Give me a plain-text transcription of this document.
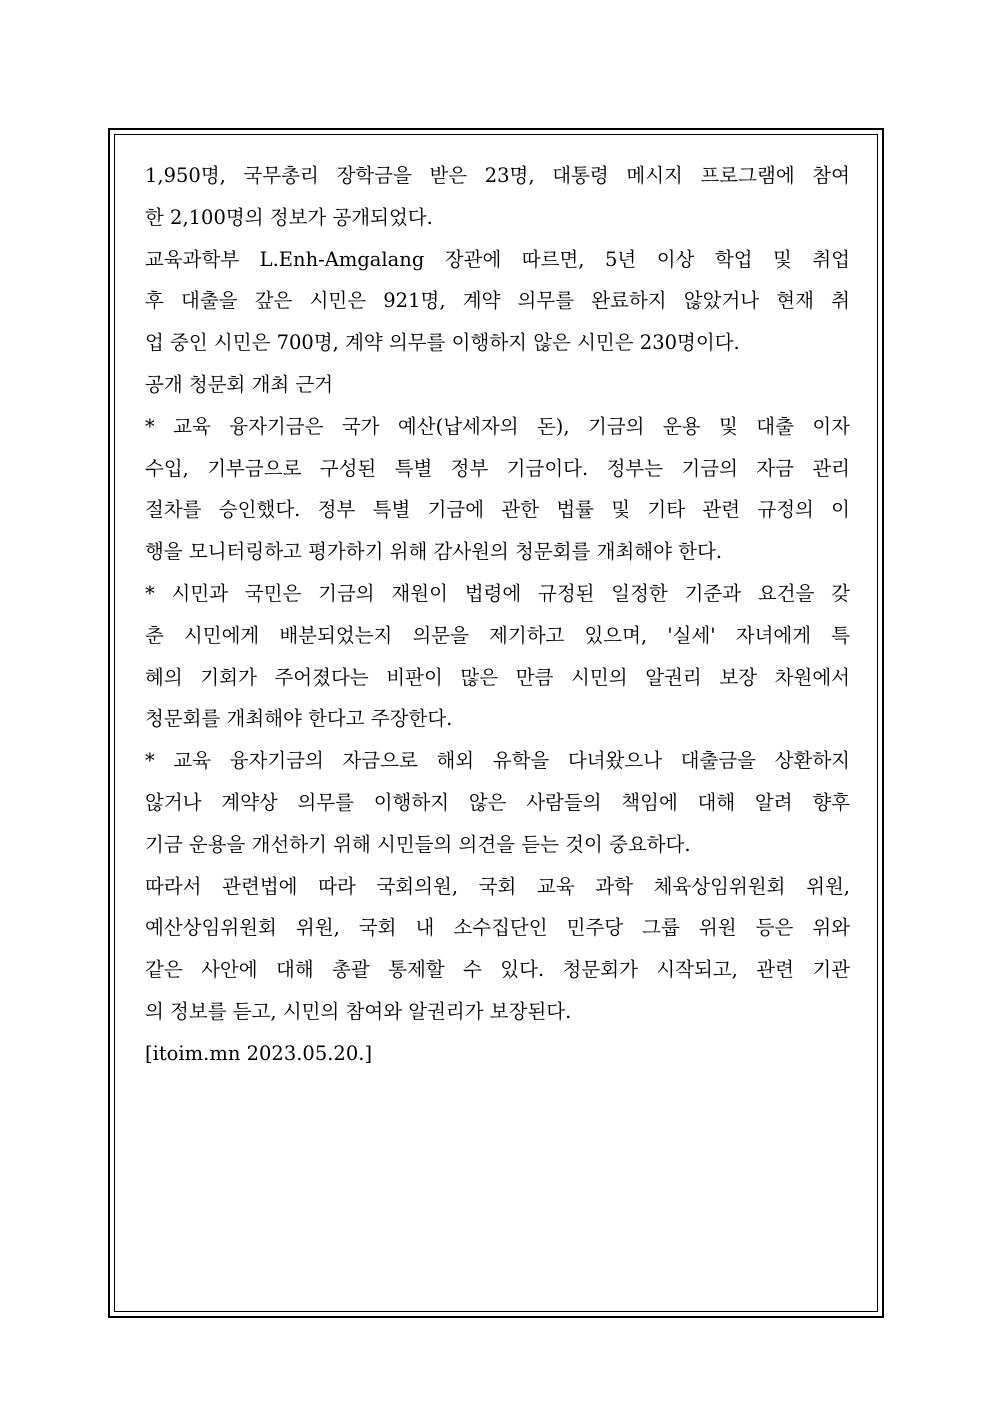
1,950명, 국무총리 장학금을 받은 23명, 대통령 메시지 프로그램에 참여
한 2,100명의 정보가 공개되었다.

교육과학부 L.Enh-Amgalang 장관에 따르면, 5년 이상 학업 및 취업
후 대출을 갚은 시민은 921명, 계약 의무를 완료하지 않았거나 현재 취
업 중인 시민은 700명, 계약 의무를 이행하지 않은 시민은 230명이다.

공개 청문회 개최 근거

* 교육 융자기금은 국가 예산(납세자의 돈), 기금의 운용 및 대출 이자
수입, 기부금으로 구성된 특별 정부 기금이다. 정부는 기금의 자금 관리
절차를 승인했다. 정부 특별 기금에 관한 법률 및 기타 관련 규정의 이
행을 모니터링하고 평가하기 위해 감사원의 청문회를 개최해야 한다.

* 시민과 국민은 기금의 재원이 법령에 규정된 일정한 기준과 요건을 갖
춘 시민에게 배분되었는지 의문을 제기하고 있으며, '실세' 자녀에게 특
혜의 기회가 주어졌다는 비판이 많은 만큼 시민의 알권리 보장 차원에서
청문회를 개최해야 한다고 주장한다.

* 교육 융자기금의 자금으로 해외 유학을 다녀왔으나 대출금을 상환하지
않거나 계약상 의무를 이행하지 않은 사람들의 책임에 대해 알려 향후
기금 운용을 개선하기 위해 시민들의 의견을 듣는 것이 중요하다.

따라서 관련법에 따라 국회의원, 국회 교육 과학 체육상임위원회 위원,
예산상임위원회 위원, 국회 내 소수집단인 민주당 그룹 위원 등은 위와
같은 사안에 대해 총괄 통제할 수 있다. 청문회가 시작되고, 관련 기관
의 정보를 듣고, 시민의 참여와 알권리가 보장된다.

[itoim.mn 2023.05.20.]
